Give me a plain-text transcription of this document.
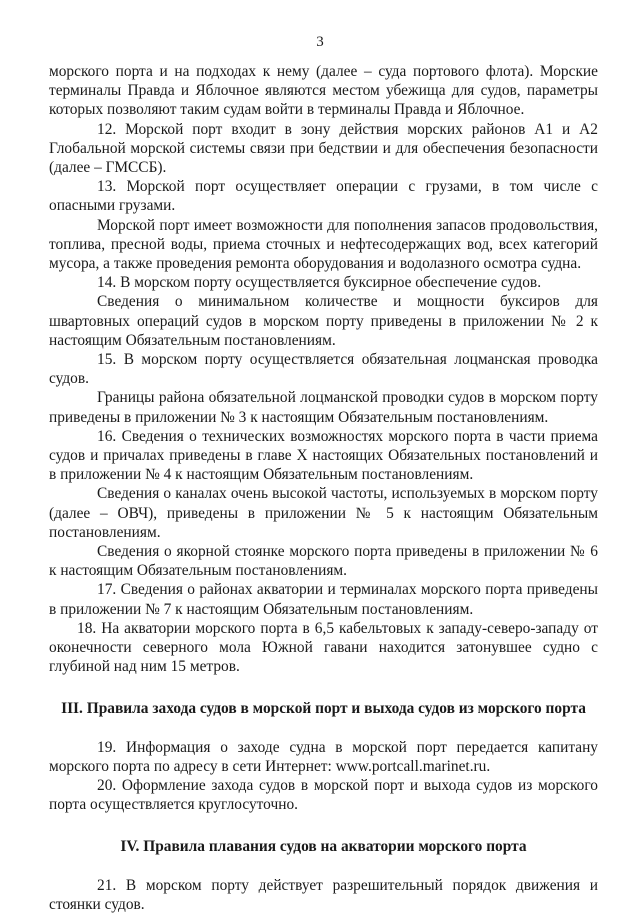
3

морского порта и на подходах к нему (далее – суда портового флота). Морские терминалы Правда и Яблочное являются местом убежища для судов, параметры которых позволяют таким судам войти в терминалы Правда и Яблочное.

12. Морской порт входит в зону действия морских районов А1 и А2 Глобальной морской системы связи при бедствии и для обеспечения безопасности (далее – ГМССБ).

13. Морской порт осуществляет операции с грузами, в том числе с опасными грузами.

Морской порт имеет возможности для пополнения запасов продовольствия, топлива, пресной воды, приема сточных и нефтесодержащих вод, всех категорий мусора, а также проведения ремонта оборудования и водолазного осмотра судна.

14. В морском порту осуществляется буксирное обеспечение судов.

Сведения о минимальном количестве и мощности буксиров для швартовных операций судов в морском порту приведены в приложении № 2 к настоящим Обязательным постановлениям.

15. В морском порту осуществляется обязательная лоцманская проводка судов.

Границы района обязательной лоцманской проводки судов в морском порту приведены в приложении № 3 к настоящим Обязательным постановлениям.

16. Сведения о технических возможностях морского порта в части приема судов и причалах приведены в главе X настоящих Обязательных постановлений и в приложении № 4 к настоящим Обязательным постановлениям.

Сведения о каналах очень высокой частоты, используемых в морском порту (далее – ОВЧ), приведены в приложении № 5 к настоящим Обязательным постановлениям.

Сведения о якорной стоянке морского порта приведены в приложении № 6 к настоящим Обязательным постановлениям.

17. Сведения о районах акватории и терминалах морского порта приведены в приложении № 7 к настоящим Обязательным постановлениям.

18. На акватории морского порта в 6,5 кабельтовых к западу-северо-западу от оконечности северного мола Южной гавани находится затонувшее судно с глубиной над ним 15 метров.

III. Правила захода судов в морской порт и выхода судов из морского порта

19. Информация о заходе судна в морской порт передается капитану морского порта по адресу в сети Интернет: www.portcall.marinet.ru.

20. Оформление захода судов в морской порт и выхода судов из морского порта осуществляется круглосуточно.

IV. Правила плавания судов на акватории морского порта

21. В морском порту действует разрешительный порядок движения и стоянки судов.
